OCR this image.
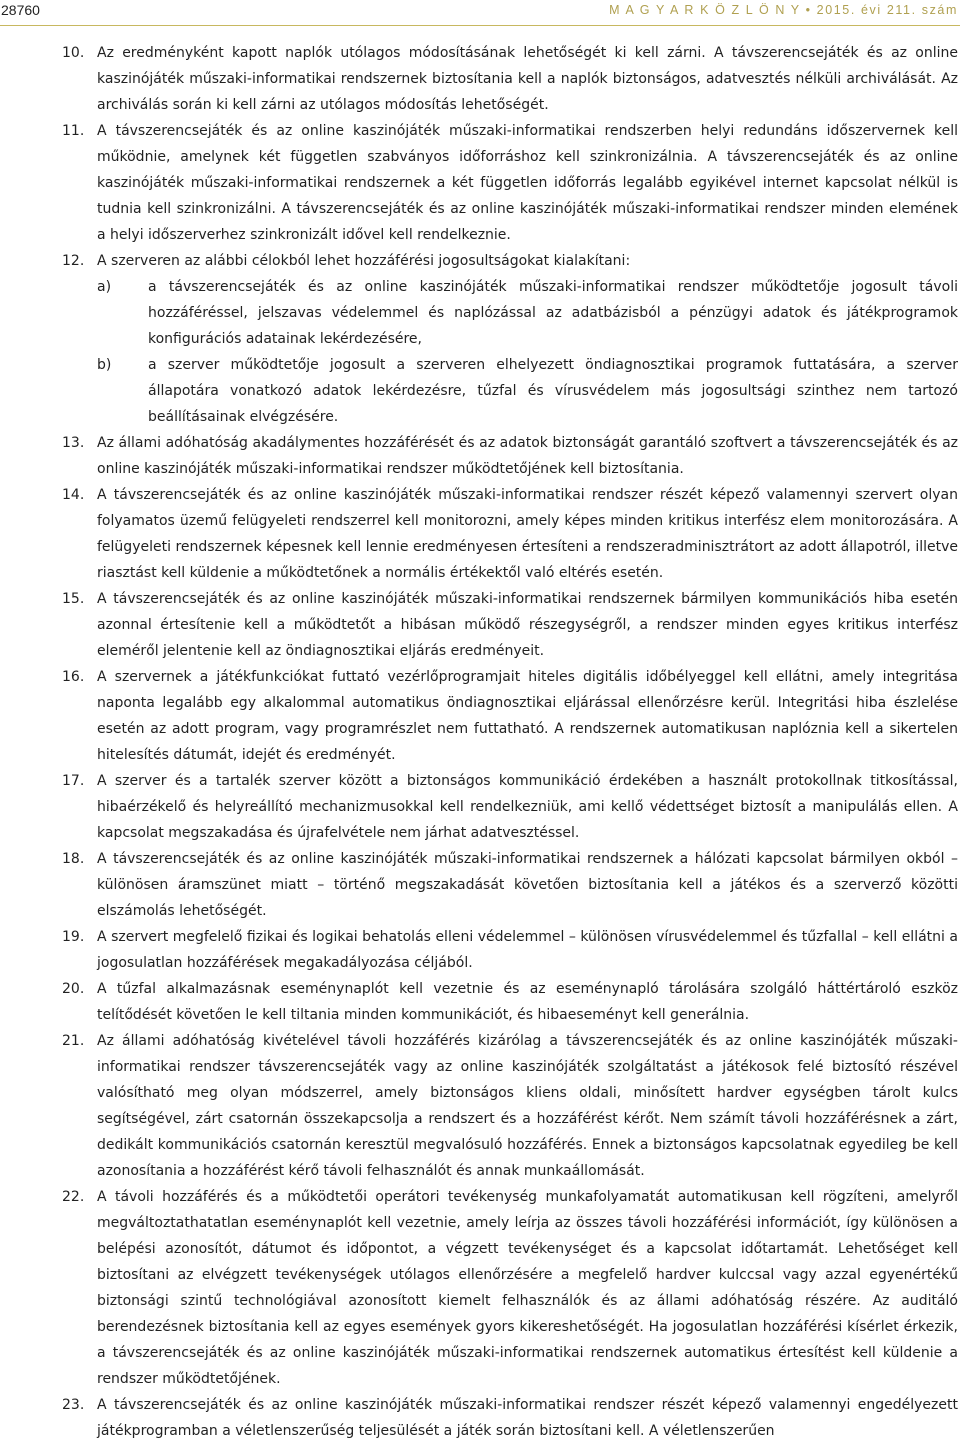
28760	M A G Y A R K Ö Z L Ö N Y • 2015. évi 211. szám
10. Az eredményként kapott naplók utólagos módosításának lehetőségét ki kell zárni. A távszerencsejáték és az online kaszinójáték műszaki-informatikai rendszernek biztosítania kell a naplók biztonságos, adatvesztés nélküli archiválását. Az archiválás során ki kell zárni az utólagos módosítás lehetőségét.
11. A távszerencsejáték és az online kaszinójáték műszaki-informatikai rendszerben helyi redundáns időszervernek kell működnie, amelynek két független szabványos időforráshoz kell szinkronizálnia. A távszerencsejáték és az online kaszinójáték műszaki-informatikai rendszernek a két független időforrás legalább egyikével internet kapcsolat nélkül is tudnia kell szinkronizálni. A távszerencsejáték és az online kaszinójáték műszaki-informatikai rendszer minden elemének a helyi időszerverhez szinkronizált idővel kell rendelkeznie.
12. A szerveren az alábbi célokból lehet hozzáférési jogosultságokat kialakítani:
a)	a távszerencsejáték és az online kaszinójáték műszaki-informatikai rendszer működtetője jogosult távoli hozzáféréssel, jelszavas védelemmel és naplózással az adatbázisból a pénzügyi adatok és játékprogramok konfigurációs adatainak lekérdezésére,
b)	a szerver működtetője jogosult a szerveren elhelyezett öndiagnosztikai programok futtatására, a szerver állapotára vonatkozó adatok lekérdezésre, tűzfal és vírusvédelem más jogosultsági szinthez nem tartozó beállításainak elvégzésére.
13. Az állami adóhatóság akadálymentes hozzáférését és az adatok biztonságát garantáló szoftvert a távszerencsejáték és az online kaszinójáték műszaki-informatikai rendszer működtetőjének kell biztosítania.
14. A távszerencsejáték és az online kaszinójáték műszaki-informatikai rendszer részét képező valamennyi szervert olyan folyamatos üzemű felügyeleti rendszerrel kell monitorozni, amely képes minden kritikus interfész elem monitorozására. A felügyeleti rendszernek képesnek kell lennie eredményesen értesíteni a rendszeradminisztrátort az adott állapotról, illetve riasztást kell küldenie a működtetőnek a normális értékektől való eltérés esetén.
15. A távszerencsejáték és az online kaszinójáték műszaki-informatikai rendszernek bármilyen kommunikációs hiba esetén azonnal értesítenie kell a működtetőt a hibásan működő részegységről, a rendszer minden egyes kritikus interfész eleméről jelentenie kell az öndiagnosztikai eljárás eredményeit.
16. A szervernek a játékfunkciókat futtató vezérlőprogramjait hiteles digitális időbélyeggel kell ellátni, amely integritása naponta legalább egy alkalommal automatikus öndiagnosztikai eljárással ellenőrzésre kerül. Integritási hiba észlelése esetén az adott program, vagy programrészlet nem futtatható. A rendszernek automatikusan naplóznia kell a sikertelen hitelesítés dátumát, idejét és eredményét.
17. A szerver és a tartalék szerver között a biztonságos kommunikáció érdekében a használt protokollnak titkosítással, hibaérzékelő és helyreállító mechanizmusokkal kell rendelkezniük, ami kellő védettséget biztosít a manipulálás ellen. A kapcsolat megszakadása és újrafelvétele nem járhat adatvesztéssel.
18. A távszerencsejáték és az online kaszinójáték műszaki-informatikai rendszernek a hálózati kapcsolat bármilyen okból – különösen áramszünet miatt – történő megszakadását követően biztosítania kell a játékos és a szerverző közötti elszámolás lehetőségét.
19. A szervert megfelelő fizikai és logikai behatolás elleni védelemmel – különösen vírusvédelemmel és tűzfallal – kell ellátni a jogosulatlan hozzáférések megakadályozása céljából.
20. A tűzfal alkalmazásnak eseménynaplót kell vezetnie és az eseménynapló tárolására szolgáló háttértároló eszköz telítődését követően le kell tiltania minden kommunikációt, és hibaeseményt kell generálnia.
21. Az állami adóhatóság kivételével távoli hozzáférés kizárólag a távszerencsejáték és az online kaszinójáték műszaki-informatikai rendszer távszerencsejáték vagy az online kaszinójáték szolgáltatást a játékosok felé biztosító részével valósítható meg olyan módszerrel, amely biztonságos kliens oldali, minősített hardver egységben tárolt kulcs segítségével, zárt csatornán összekapcsolja a rendszert és a hozzáférést kérőt. Nem számít távoli hozzáférésnek a zárt, dedikált kommunikációs csatornán keresztül megvalósuló hozzáférés. Ennek a biztonságos kapcsolatnak egyedileg be kell azonosítania a hozzáférést kérő távoli felhasználót és annak munkaállomását.
22. A távoli hozzáférés és a működtetői operátori tevékenység munkafolyamatát automatikusan kell rögzíteni, amelyről megváltoztathatatlan eseménynaplót kell vezetnie, amely leírja az összes távoli hozzáférési információt, így különösen a belépési azonosítót, dátumot és időpontot, a végzett tevékenységet és a kapcsolat időtartamát. Lehetőséget kell biztosítani az elvégzett tevékenységek utólagos ellenőrzésére a megfelelő hardver kulccsal vagy azzal egyenértékű biztonsági szintű technológiával azonosított kiemelt felhasználók és az állami adóhatóság részére. Az auditáló berendezésnek biztosítania kell az egyes események gyors kikereshetőségét. Ha jogosulatlan hozzáférési kísérlet érkezik, a távszerencsejáték és az online kaszinójáték műszaki-informatikai rendszernek automatikus értesítést kell küldenie a rendszer működtetőjének.
23. A távszerencsejáték és az online kaszinójáték műszaki-informatikai rendszer részét képező valamennyi engedélyezett játékprogramban a véletlenszerűség teljesülését a játék során biztosítani kell. A véletlenszerűen
